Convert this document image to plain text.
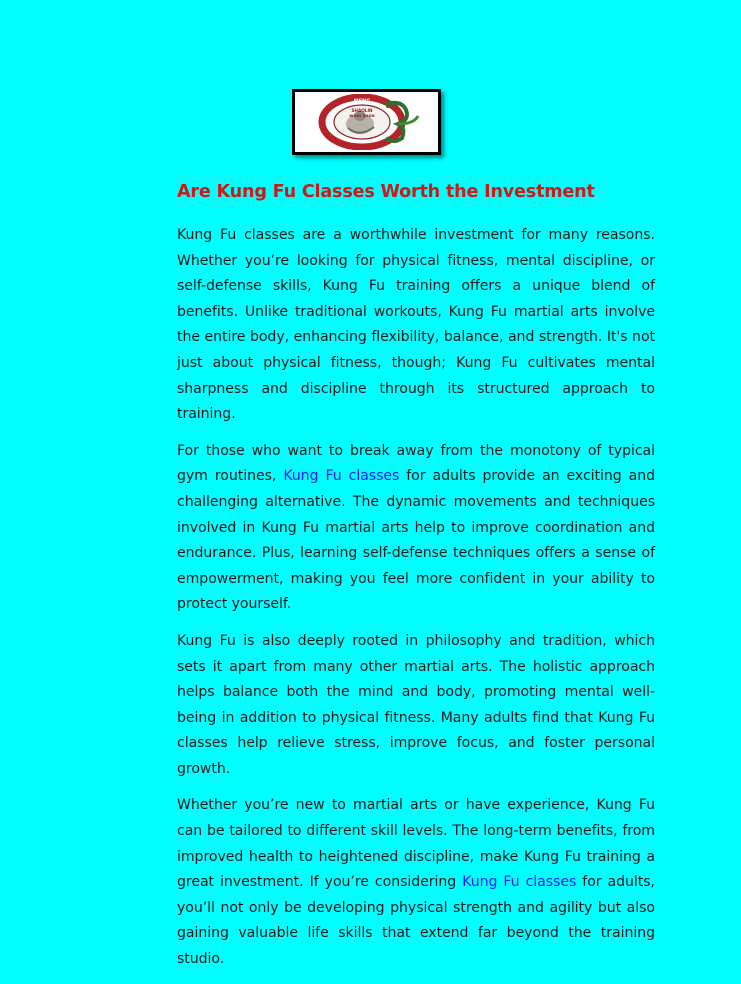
MENG
SHAOLIN
WING CHUN
Are Kung Fu Classes Worth the Investment

Kung Fu classes are a worthwhile investment for many reasons. Whether you’re looking for physical fitness, mental discipline, or self-defense skills, Kung Fu training offers a unique blend of benefits. Unlike traditional workouts, Kung Fu martial arts involve the entire body, enhancing flexibility, balance, and strength. It's not just about physical fitness, though; Kung Fu cultivates mental sharpness and discipline through its structured approach to training.

For those who want to break away from the monotony of typical gym routines, Kung Fu classes for adults provide an exciting and challenging alternative. The dynamic movements and techniques involved in Kung Fu martial arts help to improve coordination and endurance. Plus, learning self-defense techniques offers a sense of empowerment, making you feel more confident in your ability to protect yourself.

Kung Fu is also deeply rooted in philosophy and tradition, which sets it apart from many other martial arts. The holistic approach helps balance both the mind and body, promoting mental well-being in addition to physical fitness. Many adults find that Kung Fu classes help relieve stress, improve focus, and foster personal growth.

Whether you’re new to martial arts or have experience, Kung Fu can be tailored to different skill levels. The long-term benefits, from improved health to heightened discipline, make Kung Fu training a great investment. If you’re considering Kung Fu classes for adults, you’ll not only be developing physical strength and agility but also gaining valuable life skills that extend far beyond the training studio.
